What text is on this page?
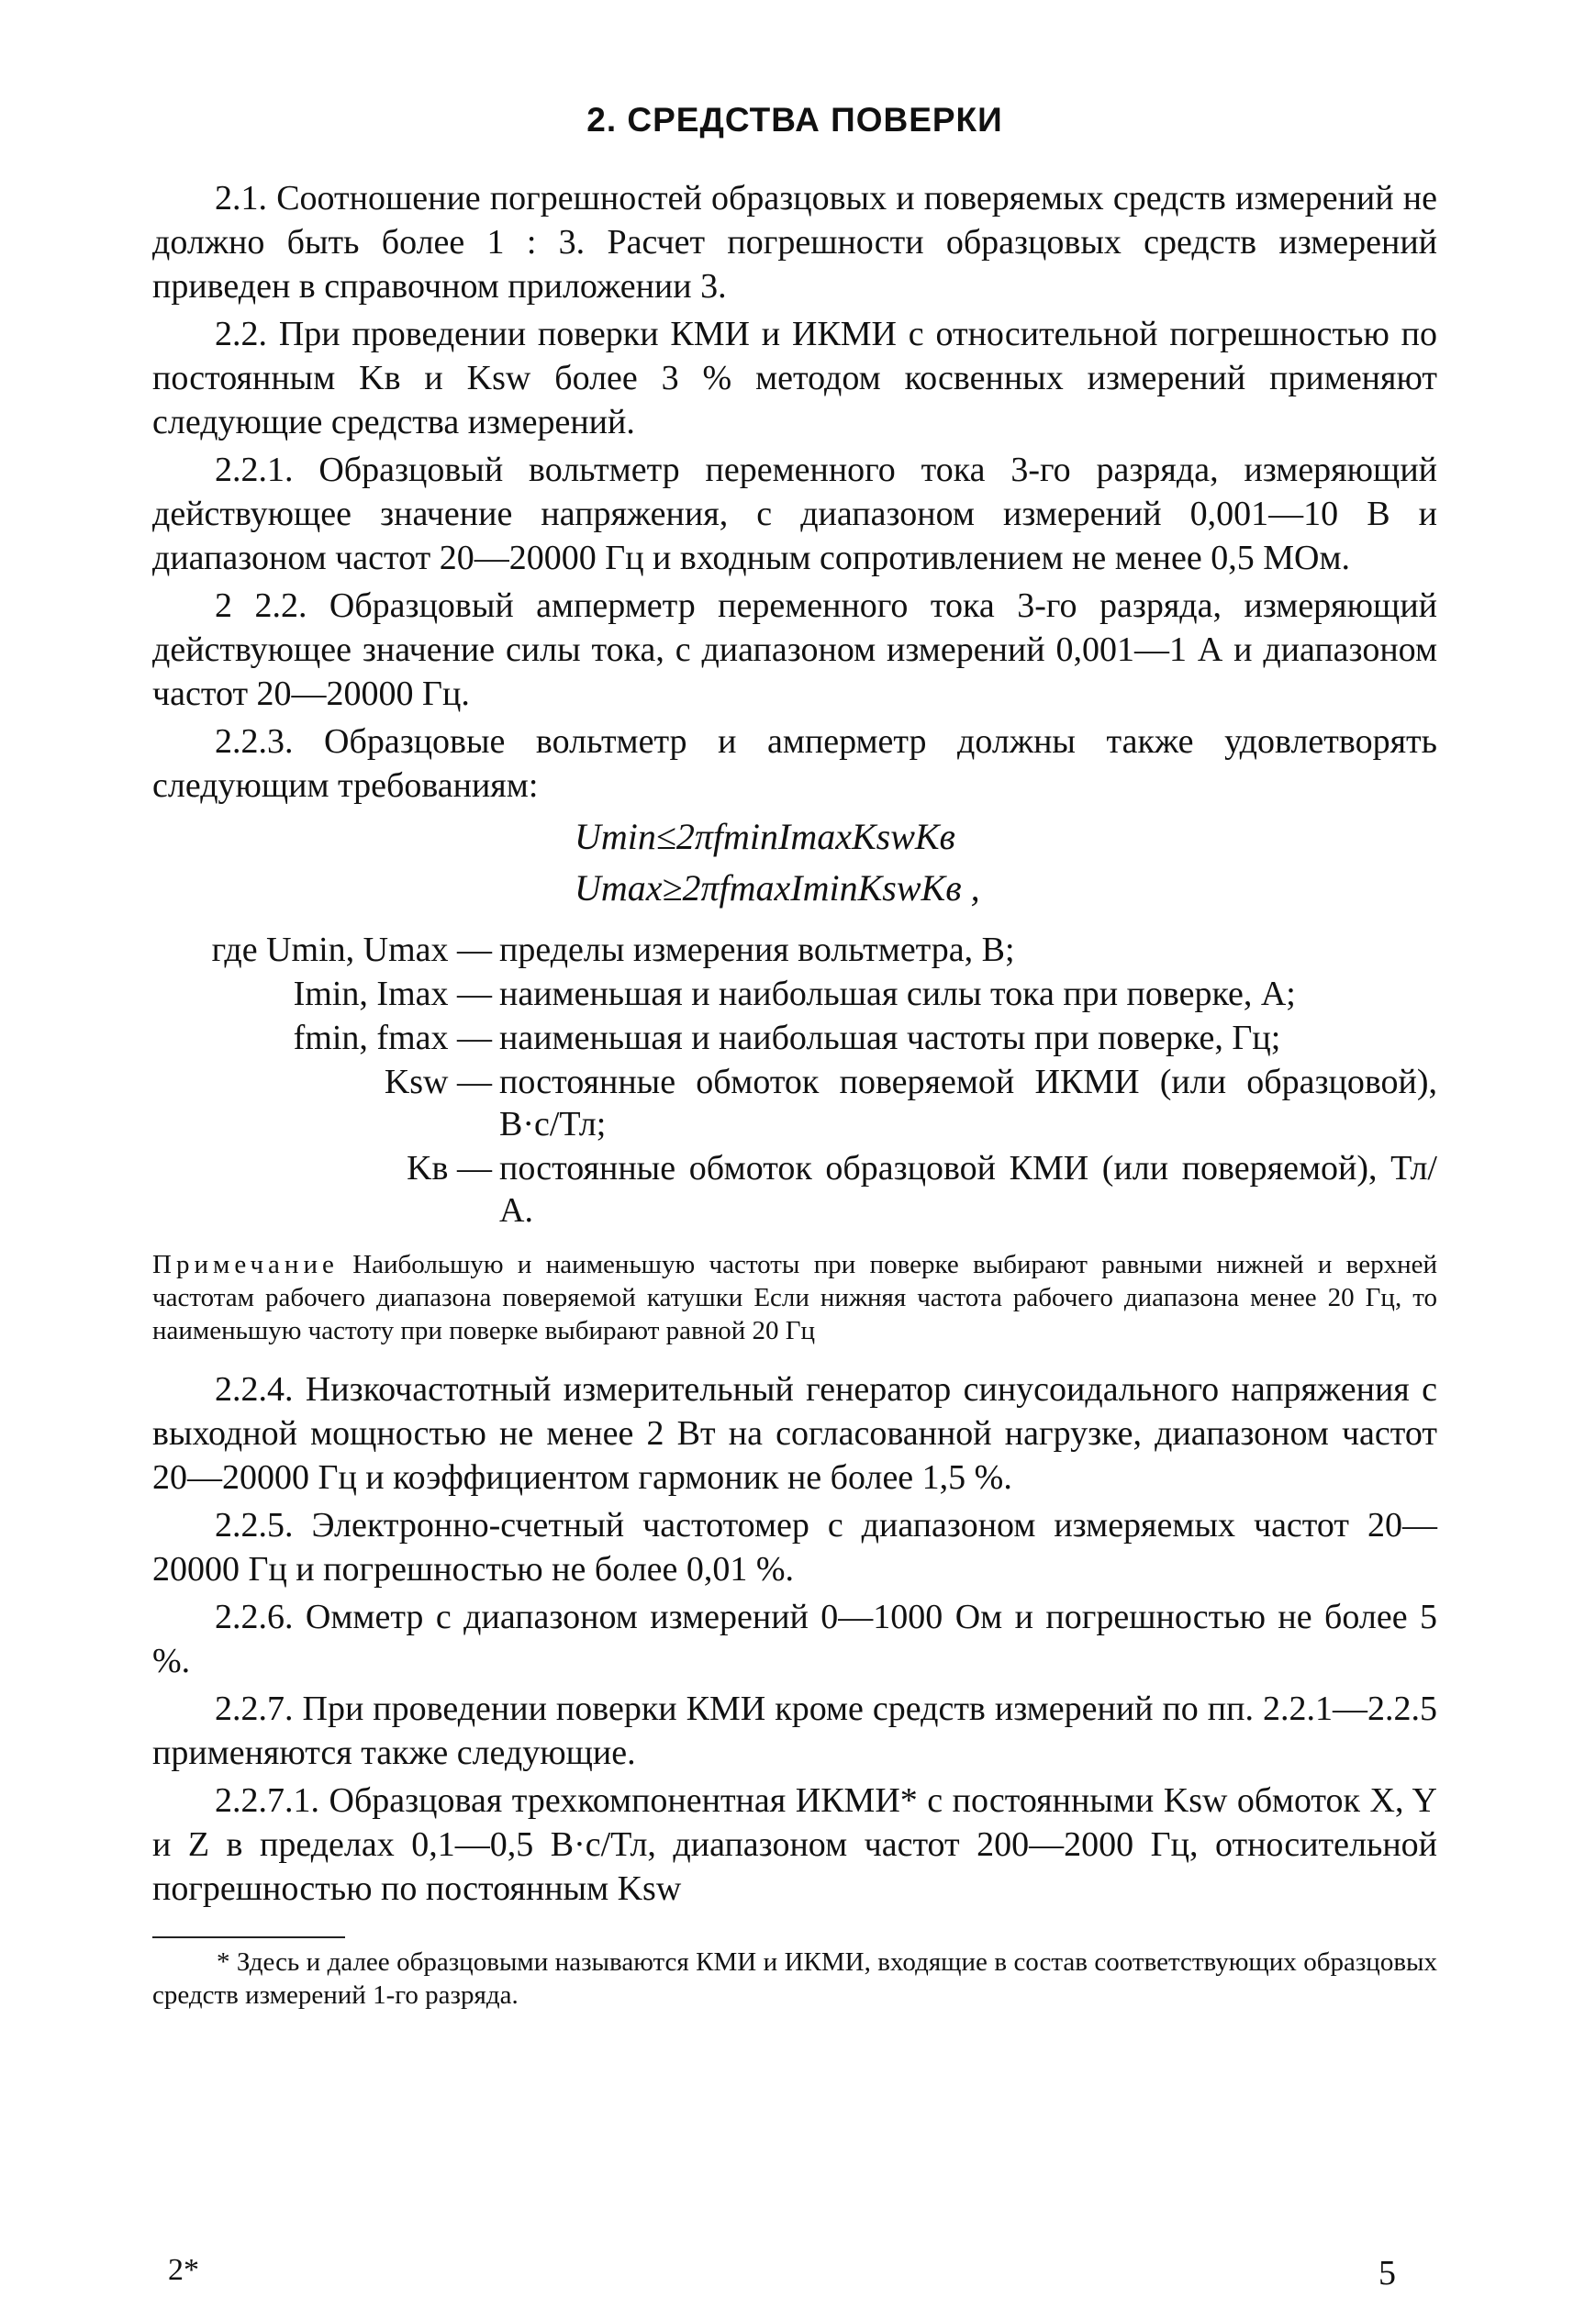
2. СРЕДСТВА ПОВЕРКИ

2.1. Соотношение погрешностей образцовых и поверяемых средств измерений не должно быть более 1 : 3. Расчет погрешности образцовых средств измерений приведен в справочном приложении 3.

2.2. При проведении поверки КМИ и ИКМИ с относительной погрешностью по постоянным Kв и Ksw более 3 % методом косвенных измерений применяют следующие средства измерений.

2.2.1. Образцовый вольтметр переменного тока 3-го разряда, измеряющий действующее значение напряжения, с диапазоном измерений 0,001—10 В и диапазоном частот 20—20000 Гц и входным сопротивлением не менее 0,5 МОм.

2 2.2. Образцовый амперметр переменного тока 3-го разряда, измеряющий действующее значение силы тока, с диапазоном измерений 0,001—1 А и диапазоном частот 20—20000 Гц.

2.2.3. Образцовые вольтметр и амперметр должны также удовлетворять следующим требованиям:

Umin≤2πfminImaxKswKв
Umax≥2πfmaxIminKswKв ,
где Umin, Umax — пределы измерения вольтметра, В;
Imin, Imax — наименьшая и наибольшая силы тока при поверке, А;
fmin, fmax — наименьшая и наибольшая частоты при поверке, Гц;
Ksw — постоянные обмоток поверяемой ИКМИ (или образцовой), В·с/Тл;
Kв — постоянные обмоток образцовой КМИ (или поверяемой), Тл/А.

Примечание Наибольшую и наименьшую частоты при поверке выбирают равными нижней и верхней частотам рабочего диапазона поверяемой катушки Если нижняя частота рабочего диапазона менее 20 Гц, то наименьшую частоту при поверке выбирают равной 20 Гц

2.2.4. Низкочастотный измерительный генератор синусоидального напряжения с выходной мощностью не менее 2 Вт на согласованной нагрузке, диапазоном частот 20—20000 Гц и коэффициентом гармоник не более 1,5 %.

2.2.5. Электронно-счетный частотомер с диапазоном измеряемых частот 20—20000 Гц и погрешностью не более 0,01 %.

2.2.6. Омметр с диапазоном измерений 0—1000 Ом и погрешностью не более 5 %.

2.2.7. При проведении поверки КМИ кроме средств измерений по пп. 2.2.1—2.2.5 применяются также следующие.

2.2.7.1. Образцовая трехкомпонентная ИКМИ* с постоянными Ksw обмоток X, Y и Z в пределах 0,1—0,5 В·с/Тл, диапазоном частот 200—2000 Гц, относительной погрешностью по постоянным Ksw

* Здесь и далее образцовыми называются КМИ и ИКМИ, входящие в состав соответствующих образцовых средств измерений 1-го разряда.

2*	5
